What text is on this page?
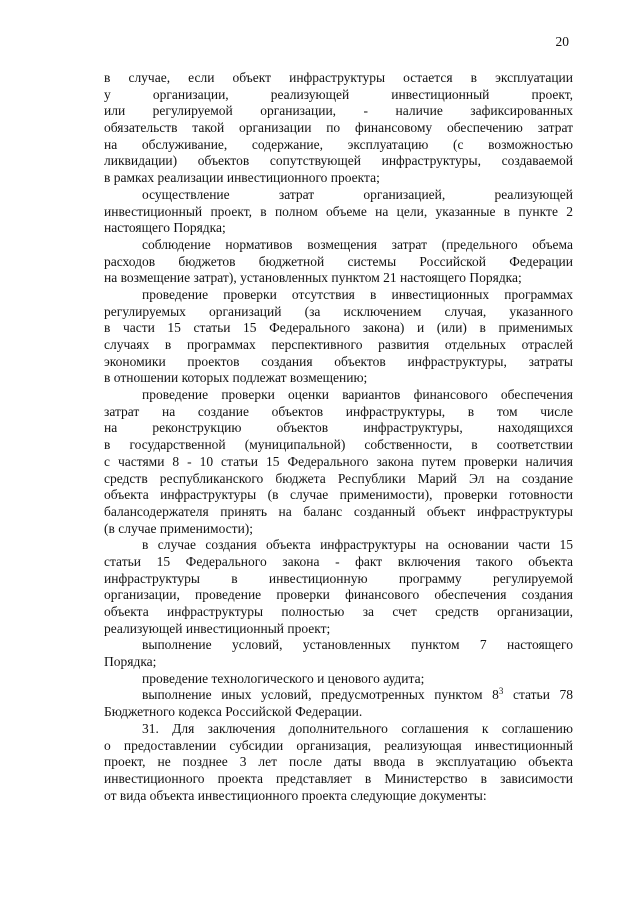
20
в случае, если объект инфраструктуры остается в эксплуатации
у организации, реализующей инвестиционный проект,
или регулируемой организации, - наличие зафиксированных
обязательств такой организации по финансовому обеспечению затрат
на обслуживание, содержание, эксплуатацию (с возможностью
ликвидации) объектов сопутствующей инфраструктуры, создаваемой
в рамках реализации инвестиционного проекта;
осуществление затрат организацией, реализующей
инвестиционный проект, в полном объеме на цели, указанные в пункте 2
настоящего Порядка;
соблюдение нормативов возмещения затрат (предельного объема
расходов бюджетов бюджетной системы Российской Федерации
на возмещение затрат), установленных пунктом 21 настоящего Порядка;
проведение проверки отсутствия в инвестиционных программах
регулируемых организаций (за исключением случая, указанного
в части 15 статьи 15 Федерального закона) и (или) в применимых
случаях в программах перспективного развития отдельных отраслей
экономики проектов создания объектов инфраструктуры, затраты
в отношении которых подлежат возмещению;
проведение проверки оценки вариантов финансового обеспечения
затрат на создание объектов инфраструктуры, в том числе
на реконструкцию объектов инфраструктуры, находящихся
в государственной (муниципальной) собственности, в соответствии
с частями 8 - 10 статьи 15 Федерального закона путем проверки наличия
средств республиканского бюджета Республики Марий Эл на создание
объекта инфраструктуры (в случае применимости), проверки готовности
балансодержателя принять на баланс созданный объект инфраструктуры
(в случае применимости);
в случае создания объекта инфраструктуры на основании части 15
статьи 15 Федерального закона - факт включения такого объекта
инфраструктуры в инвестиционную программу регулируемой
организации, проведение проверки финансового обеспечения создания
объекта инфраструктуры полностью за счет средств организации,
реализующей инвестиционный проект;
выполнение условий, установленных пунктом 7 настоящего
Порядка;
проведение технологического и ценового аудита;
выполнение иных условий, предусмотренных пунктом $8^3$ статьи 78
Бюджетного кодекса Российской Федерации.
31. Для заключения дополнительного соглашения к соглашению
о предоставлении субсидии организация, реализующая инвестиционный
проект, не позднее 3 лет после даты ввода в эксплуатацию объекта
инвестиционного проекта представляет в Министерство в зависимости
от вида объекта инвестиционного проекта следующие документы:
